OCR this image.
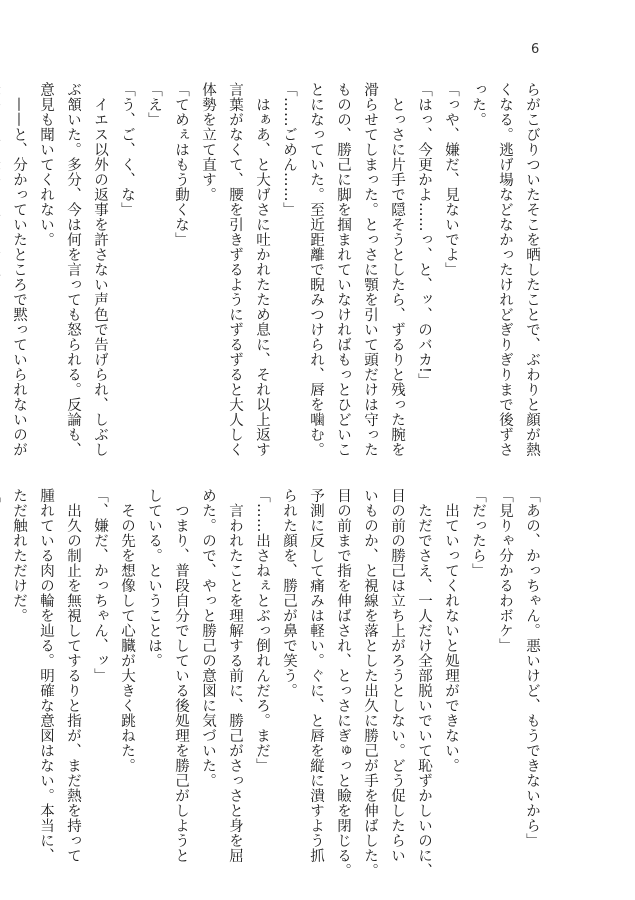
6

らがこびりついたそこを晒したことで、ぶわりと顔が熱

くなる。逃げ場などなかったけれどぎりぎりまで後ずさ

った。

「っや、嫌だ、見ないでよ」

「はっ、今更かよ……っ、と、ッ、のバカ!」

　とっさに片手で隠そうとしたら、ずるりと残った腕を

滑らせてしまった。とっさに顎を引いて頭だけは守った

ものの、勝己に脚を掴まれていなければもっとひどいこ

とになっていた。至近距離で睨みつけられ、唇を噛む。

「……ごめん……」

　はぁあ、と大げさに吐かれたため息に、それ以上返す

言葉がなくて、腰を引きずるようにずるずると大人しく

体勢を立て直す。

「てめぇはもう動くな」

「え」

「う、ご、く、な」

　イエス以外の返事を許さない声色で告げられ、しぶし

ぶ頷いた。多分、今は何を言っても怒られる。反論も、

意見も聞いてくれない。

　——と、分かっていたところで黙っていられないのが

「あの、かっちゃん。悪いけど、もうできないから」

「見りゃ分かるわボケ」

「だったら」

　出ていってくれないと処理ができない。

　ただでさえ、一人だけ全部脱いでいて恥ずかしいのに、

目の前の勝己は立ち上がろうとしない。どう促したらい

いものか、と視線を落とした出久に勝己が手を伸ばした。

目の前まで指を伸ばされ、とっさにぎゅっと瞼を閉じる。

予測に反して痛みは軽い。ぐに、と唇を縦に潰すよう抓

られた顔を、勝己が鼻で笑う。

「……出さねぇとぶっ倒れんだろ。まだ」

　言われたことを理解する前に、勝己がさっさと身を屈

めた。ので、やっと勝己の意図に気づいた。

　つまり、普段自分でしている後処理を勝己がしようと

している。ということは。

　その先を想像して心臓が大きく跳ねた。

「、嫌だ、かっちゃん、ッ」

　出久の制止を無視してするりと指が、まだ熱を持って

腫れている肉の輪を辿る。明確な意図はない。本当に、

ただ触れただけだ。
